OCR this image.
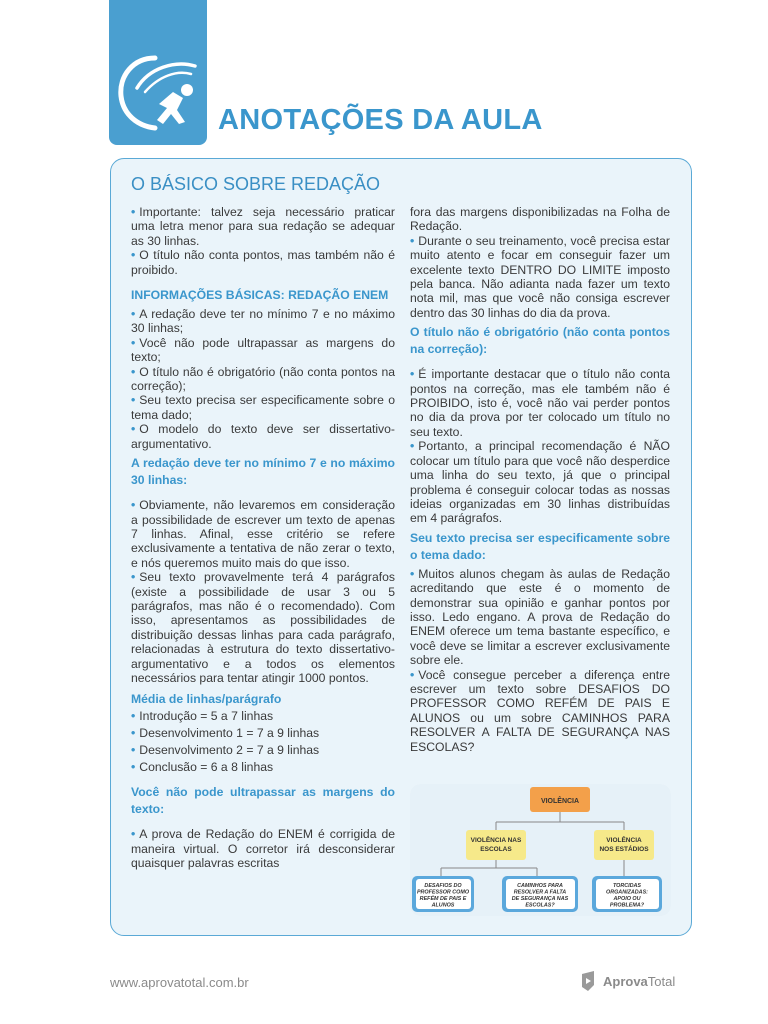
ANOTAÇÕES DA AULA
O BÁSICO SOBRE REDAÇÃO

• Importante: talvez seja necessário praticar uma letra menor para sua redação se adequar as 30 linhas.

• O título não conta pontos, mas também não é proibido.

INFORMAÇÕES BÁSICAS: REDAÇÃO ENEM

• A redação deve ter no mínimo 7 e no máximo 30 linhas;

• Você não pode ultrapassar as margens do texto;

• O título não é obrigatório (não conta pontos na correção);

• Seu texto precisa ser especificamente sobre o tema dado;

• O modelo do texto deve ser dissertativo-argumentativo.

A redação deve ter no mínimo 7 e no máximo 30 linhas:

• Obviamente, não levaremos em consideração a possibilidade de escrever um texto de apenas 7 linhas. Afinal, esse critério se refere exclusivamente a tentativa de não zerar o texto, e nós queremos muito mais do que isso.

• Seu texto provavelmente terá 4 parágrafos (existe a possibilidade de usar 3 ou 5 parágrafos, mas não é o recomendado). Com isso, apresentamos as possibilidades de distribuição dessas linhas para cada parágrafo, relacionadas à estrutura do texto dissertativo-argumentativo e a todos os elementos necessários para tentar atingir 1000 pontos.

Média de linhas/parágrafo

• Introdução = 5 a 7 linhas

• Desenvolvimento 1 = 7 a 9 linhas

• Desenvolvimento 2 = 7 a 9 linhas

• Conclusão = 6 a 8 linhas

Você não pode ultrapassar as margens do texto:

• A prova de Redação do ENEM é corrigida de maneira virtual. O corretor irá desconsiderar quaisquer palavras escritas

fora das margens disponibilizadas na Folha de Redação.

• Durante o seu treinamento, você precisa estar muito atento e focar em conseguir fazer um excelente texto DENTRO DO LIMITE imposto pela banca. Não adianta nada fazer um texto nota mil, mas que você não consiga escrever dentro das 30 linhas do dia da prova.

O título não é obrigatório (não conta pontos na correção):

• É importante destacar que o título não conta pontos na correção, mas ele também não é PROIBIDO, isto é, você não vai perder pontos no dia da prova por ter colocado um título no seu texto.

• Portanto, a principal recomendação é NÃO colocar um título para que você não desperdice uma linha do seu texto, já que o principal problema é conseguir colocar todas as nossas ideias organizadas em 30 linhas distribuídas em 4 parágrafos.

Seu texto precisa ser especificamente sobre o tema dado:

• Muitos alunos chegam às aulas de Redação acreditando que este é o momento de demonstrar sua opinião e ganhar pontos por isso. Ledo engano. A prova de Redação do ENEM oferece um tema bastante específico, e você deve se limitar a escrever exclusivamente sobre ele.

• Você consegue perceber a diferença entre escrever um texto sobre DESAFIOS DO PROFESSOR COMO REFÉM DE PAIS E ALUNOS ou um sobre CAMINHOS PARA RESOLVER A FALTA DE SEGURANÇA NAS ESCOLAS?

VIOLÊNCIA
VIOLÊNCIA NAS
ESCOLAS
VIOLÊNCIA
NOS ESTÁDIOS
DESAFIOS DO
PROFESSOR COMO
REFÉM DE PAIS E
ALUNOS
CAMINHOS PARA
RESOLVER A FALTA
DE SEGURANÇA NAS
ESCOLAS?
TORCIDAS
ORGANIZADAS:
APOIO OU
PROBLEMA?
www.aprovatotal.com.br	AprovaTotal
